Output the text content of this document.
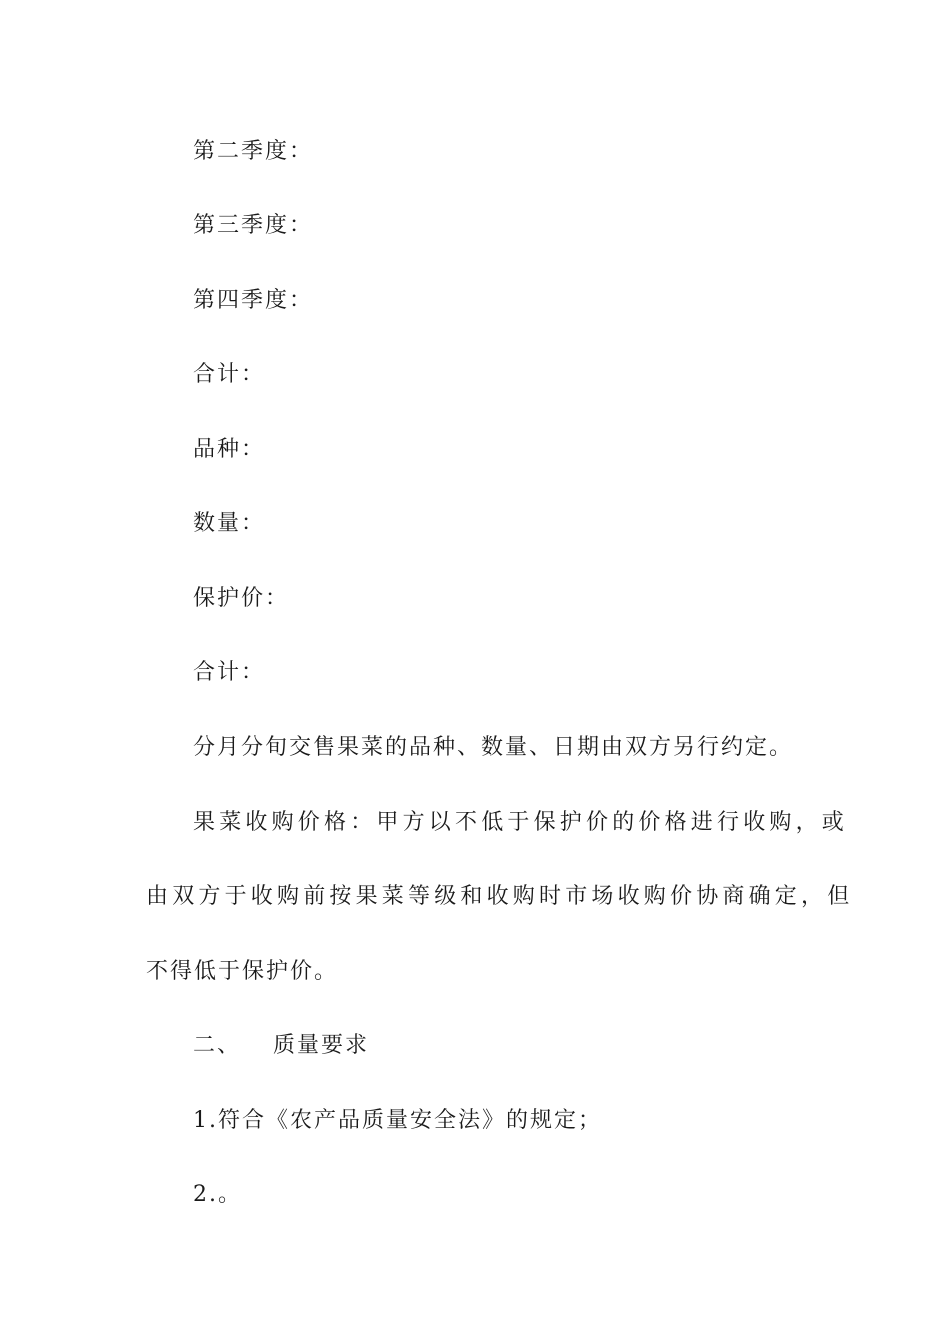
第二季度：

第三季度：

第四季度：

合计：

品种：

数量：

保护价：

合计：

分月分旬交售果菜的品种、数量、日期由双方另行约定。

果菜收购价格：甲方以不低于保护价的价格进行收购，或

由双方于收购前按果菜等级和收购时市场收购价协商确定，但

不得低于保护价。

二、 质量要求

1.符合《农产品质量安全法》的规定；

2.。
